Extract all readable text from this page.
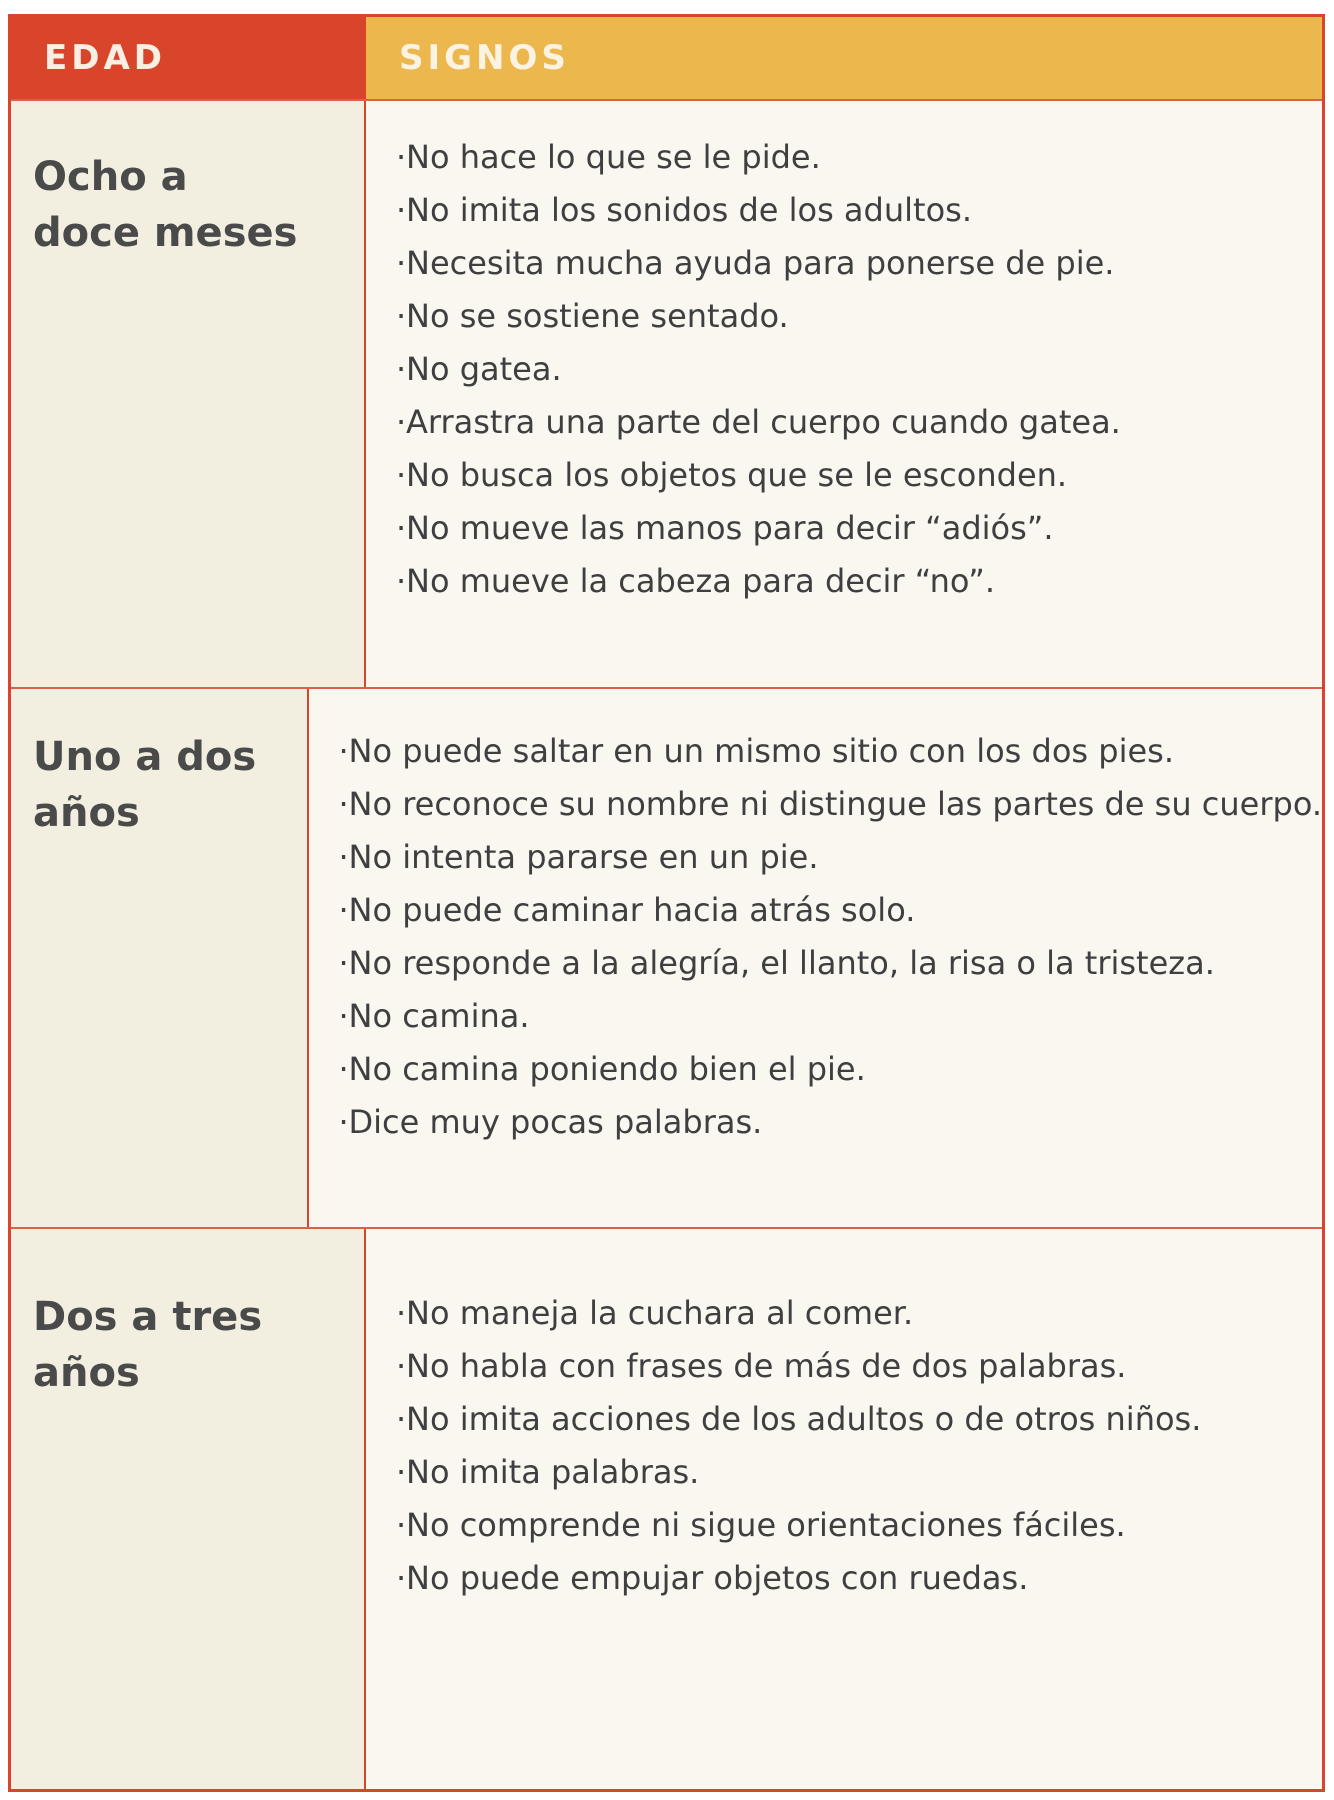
EDAD	SIGNOS
Ocho a
doce meses
·No hace lo que se le pide.
·No imita los sonidos de los adultos.
·Necesita mucha ayuda para ponerse de pie.
·No se sostiene sentado.
·No gatea.
·Arrastra una parte del cuerpo cuando gatea.
·No busca los objetos que se le esconden.
·No mueve las manos para decir “adiós”.
·No mueve la cabeza para decir “no”.
Uno a dos años
·No puede saltar en un mismo sitio con los dos pies.
·No reconoce su nombre ni distingue las partes de su cuerpo.
·No intenta pararse en un pie.
·No puede caminar hacia atrás solo.
·No responde a la alegría, el llanto, la risa o la tristeza.
·No camina.
·No camina poniendo bien el pie.
·Dice muy pocas palabras.
Dos a tres años
·No maneja la cuchara al comer.
·No habla con frases de más de dos palabras.
·No imita acciones de los adultos o de otros niños.
·No imita palabras.
·No comprende ni sigue orientaciones fáciles.
·No puede empujar objetos con ruedas.
